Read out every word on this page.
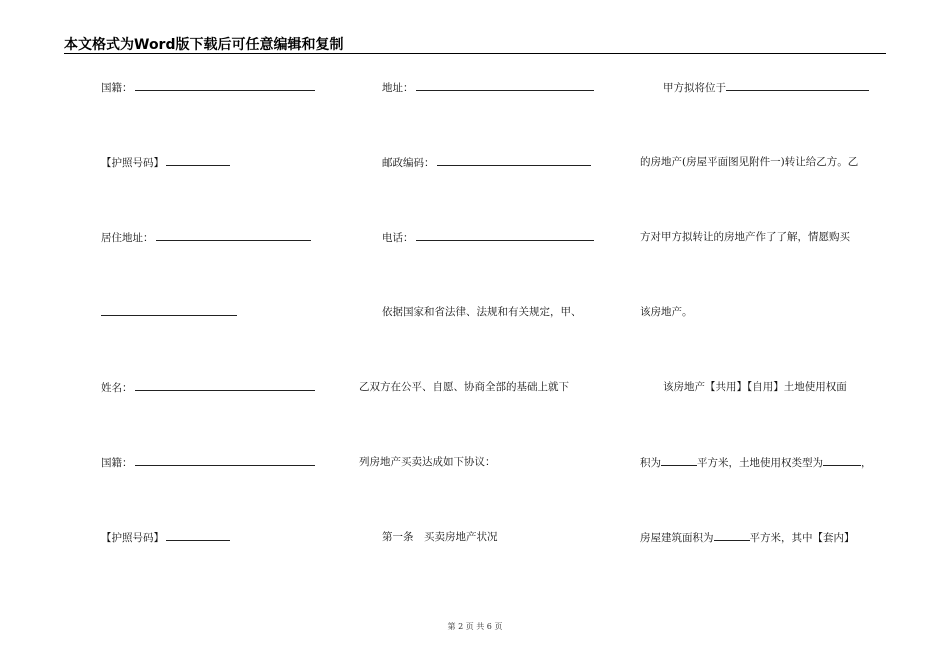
本文格式为Word版下载后可任意编辑和复制
国籍：
【护照号码】
居住地址：
姓名：
国籍：
【护照号码】
地址：
邮政编码：
电话：
依据国家和省法律、法规和有关规定，甲、
乙双方在公平、自愿、协商全部的基础上就下
列房地产买卖达成如下协议：
第一条　买卖房地产状况
甲方拟将位于
的房地产(房屋平面图见附件一)转让给乙方。乙
方对甲方拟转让的房地产作了了解，情愿购买
该房地产。
该房地产【共用】【自用】土地使用权面
积为	平方米，土地使用权类型为	，
房屋建筑面积为	平方米，其中【套内】
第 2 页 共 6 页
